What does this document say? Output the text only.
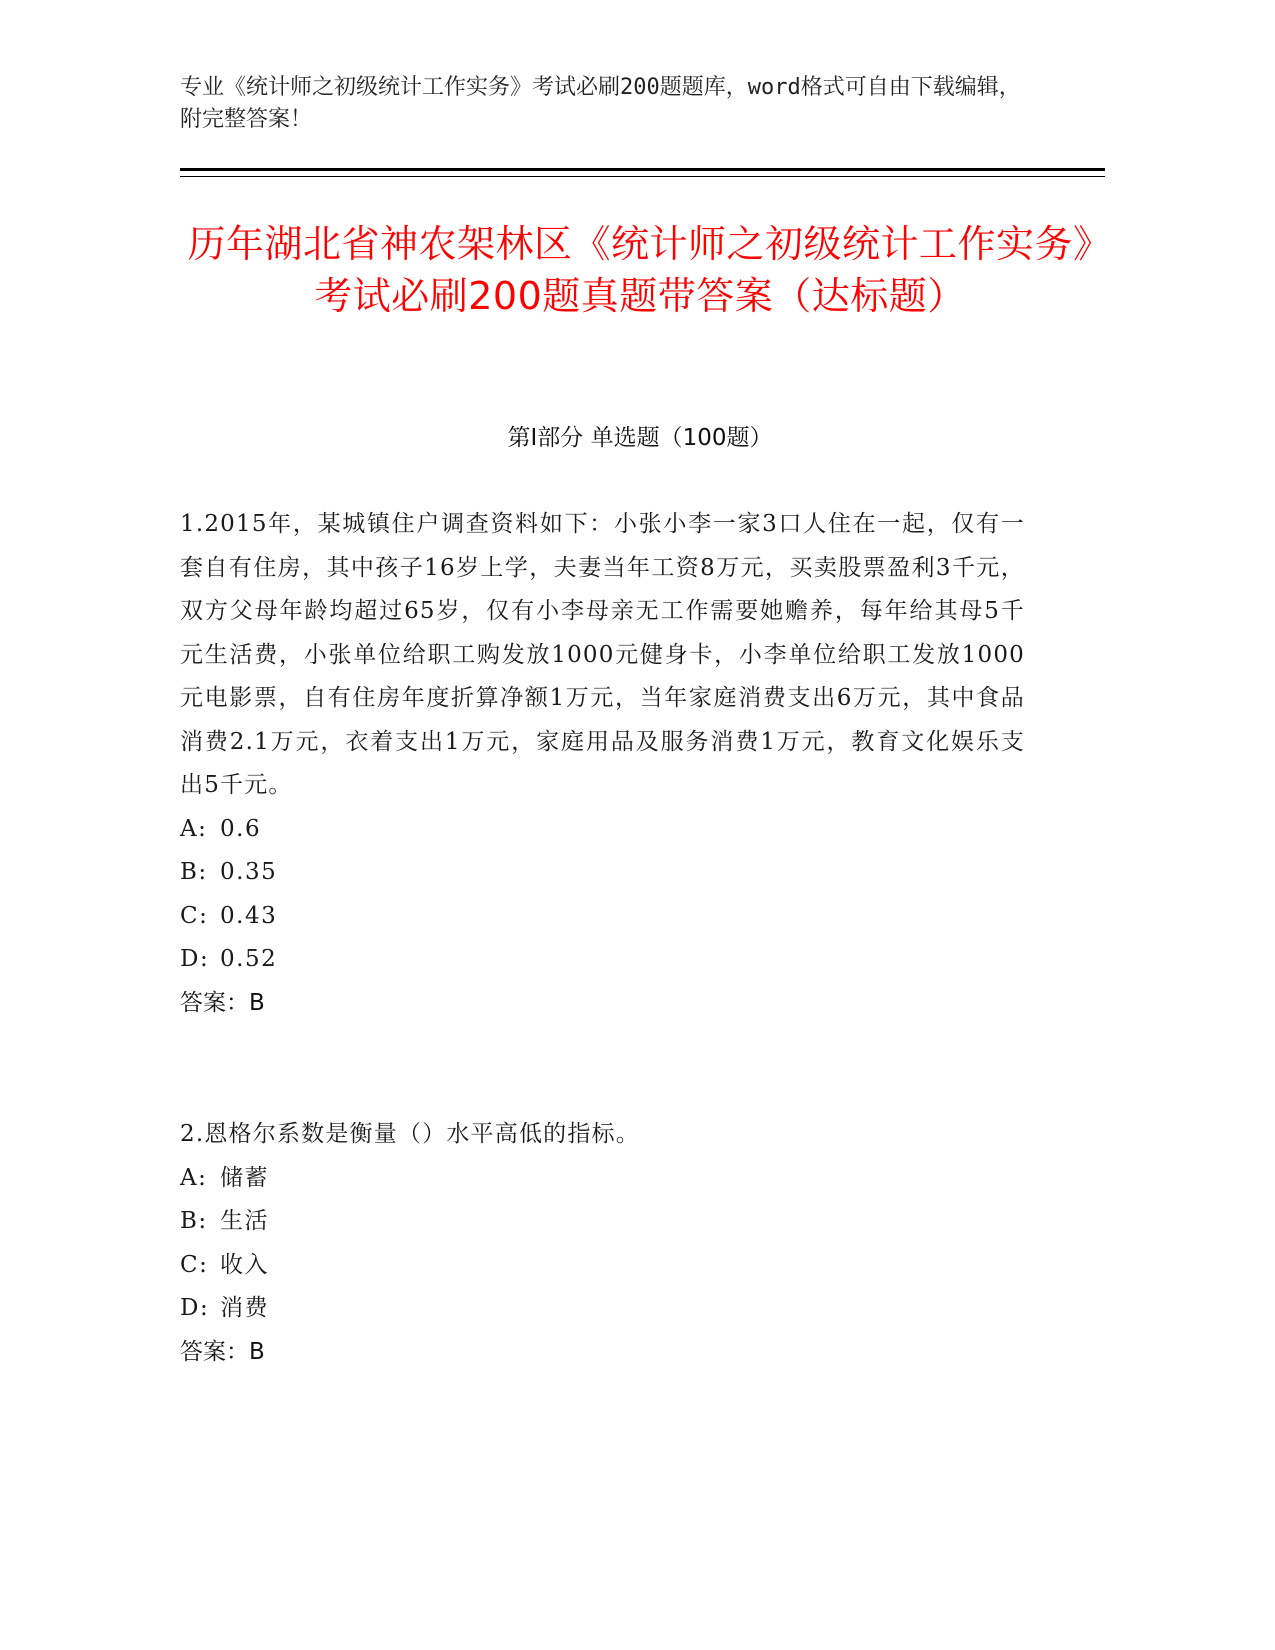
专业《统计师之初级统计工作实务》考试必刷200题题库，word格式可自由下载编辑，附完整答案！
历年湖北省神农架林区《统计师之初级统计工作实务》考试必刷200题真题带答案（达标题）
第Ⅰ部分 单选题（100题）
1.2015年，某城镇住户调查资料如下：小张小李一家3口人住在一起，仅有一套自有住房，其中孩子16岁上学，夫妻当年工资8万元，买卖股票盈利3千元，双方父母年龄均超过65岁，仅有小李母亲无工作需要她赡养，每年给其母5千元生活费，小张单位给职工购发放1000元健身卡，小李单位给职工发放1000元电影票，自有住房年度折算净额1万元，当年家庭消费支出6万元，其中食品消费2.1万元，衣着支出1万元，家庭用品及服务消费1万元，教育文化娱乐支出5千元。
A: 0.6
B: 0.35
C: 0.43
D: 0.52
答案：B
2.恩格尔系数是衡量（）水平高低的指标。
A: 储蓄
B: 生活
C: 收入
D: 消费
答案：B
